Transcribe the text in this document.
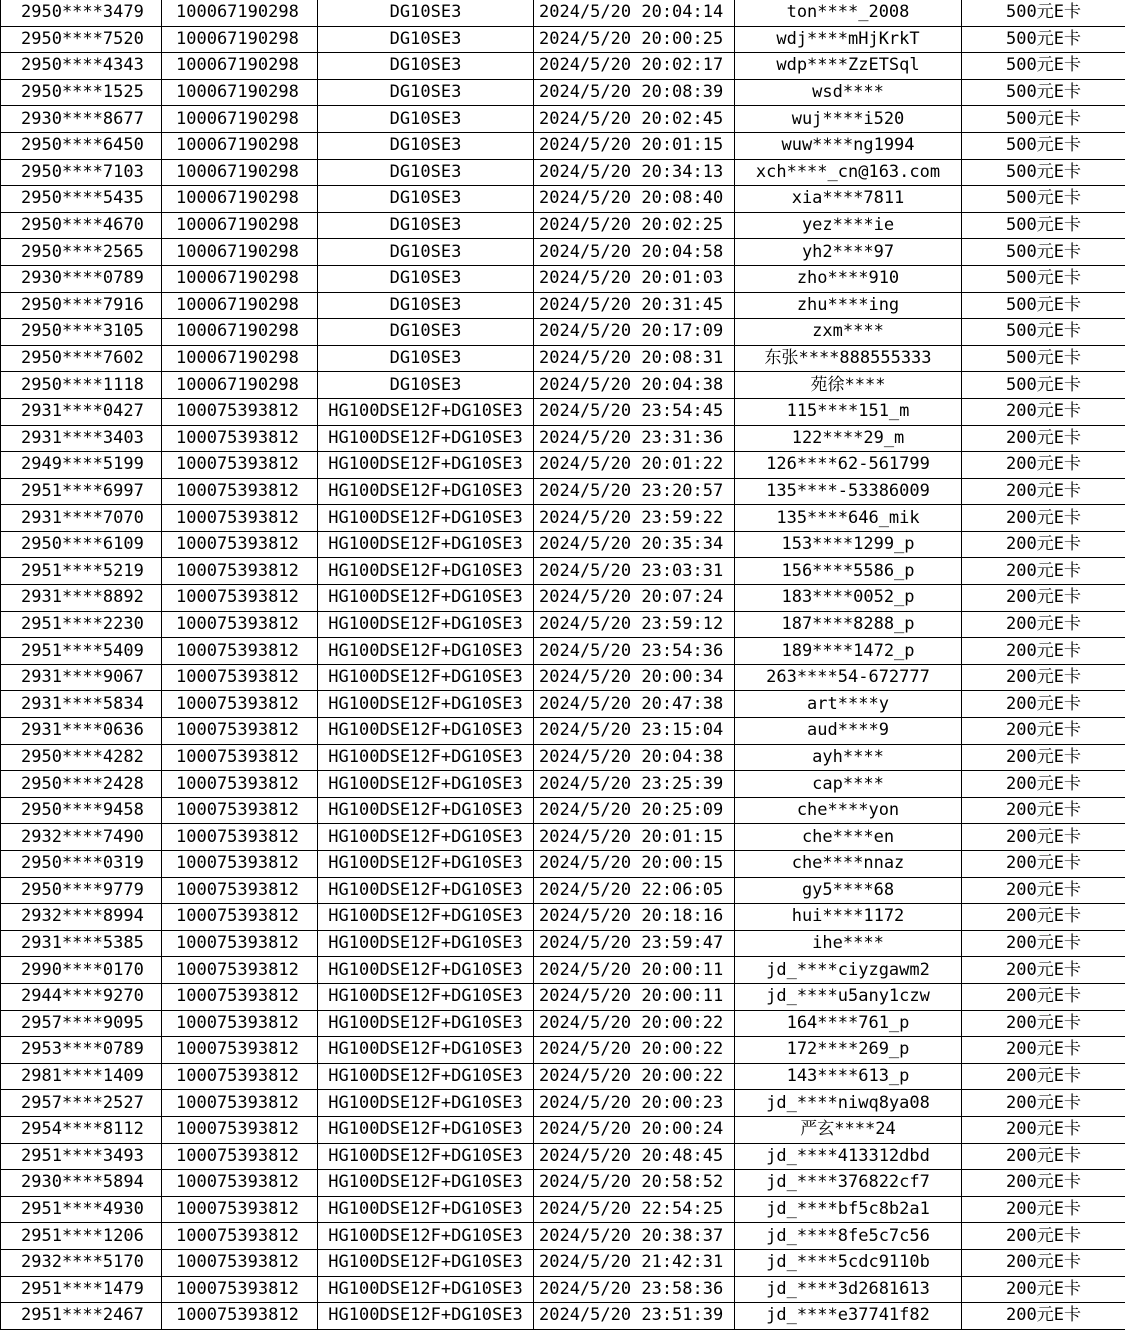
2950****3479	100067190298	DG10SE3	2024/5/20 20:04:14	ton****_2008	500元E卡
2950****7520	100067190298	DG10SE3	2024/5/20 20:00:25	wdj****mHjKrkT	500元E卡
2950****4343	100067190298	DG10SE3	2024/5/20 20:02:17	wdp****ZzETSql	500元E卡
2950****1525	100067190298	DG10SE3	2024/5/20 20:08:39	wsd****	500元E卡
2930****8677	100067190298	DG10SE3	2024/5/20 20:02:45	wuj****i520	500元E卡
2950****6450	100067190298	DG10SE3	2024/5/20 20:01:15	wuw****ng1994	500元E卡
2950****7103	100067190298	DG10SE3	2024/5/20 20:34:13	xch****_cn@163.com	500元E卡
2950****5435	100067190298	DG10SE3	2024/5/20 20:08:40	xia****7811	500元E卡
2950****4670	100067190298	DG10SE3	2024/5/20 20:02:25	yez****ie	500元E卡
2950****2565	100067190298	DG10SE3	2024/5/20 20:04:58	yh2****97	500元E卡
2930****0789	100067190298	DG10SE3	2024/5/20 20:01:03	zho****910	500元E卡
2950****7916	100067190298	DG10SE3	2024/5/20 20:31:45	zhu****ing	500元E卡
2950****3105	100067190298	DG10SE3	2024/5/20 20:17:09	zxm****	500元E卡
2950****7602	100067190298	DG10SE3	2024/5/20 20:08:31	东张****888555333	500元E卡
2950****1118	100067190298	DG10SE3	2024/5/20 20:04:38	苑徐****	500元E卡
2931****0427	100075393812	HG100DSE12F+DG10SE3	2024/5/20 23:54:45	115****151_m	200元E卡
2931****3403	100075393812	HG100DSE12F+DG10SE3	2024/5/20 23:31:36	122****29_m	200元E卡
2949****5199	100075393812	HG100DSE12F+DG10SE3	2024/5/20 20:01:22	126****62-561799	200元E卡
2951****6997	100075393812	HG100DSE12F+DG10SE3	2024/5/20 23:20:57	135****-53386009	200元E卡
2931****7070	100075393812	HG100DSE12F+DG10SE3	2024/5/20 23:59:22	135****646_mik	200元E卡
2950****6109	100075393812	HG100DSE12F+DG10SE3	2024/5/20 20:35:34	153****1299_p	200元E卡
2951****5219	100075393812	HG100DSE12F+DG10SE3	2024/5/20 23:03:31	156****5586_p	200元E卡
2931****8892	100075393812	HG100DSE12F+DG10SE3	2024/5/20 20:07:24	183****0052_p	200元E卡
2951****2230	100075393812	HG100DSE12F+DG10SE3	2024/5/20 23:59:12	187****8288_p	200元E卡
2951****5409	100075393812	HG100DSE12F+DG10SE3	2024/5/20 23:54:36	189****1472_p	200元E卡
2931****9067	100075393812	HG100DSE12F+DG10SE3	2024/5/20 20:00:34	263****54-672777	200元E卡
2931****5834	100075393812	HG100DSE12F+DG10SE3	2024/5/20 20:47:38	art****y	200元E卡
2931****0636	100075393812	HG100DSE12F+DG10SE3	2024/5/20 23:15:04	aud****9	200元E卡
2950****4282	100075393812	HG100DSE12F+DG10SE3	2024/5/20 20:04:38	ayh****	200元E卡
2950****2428	100075393812	HG100DSE12F+DG10SE3	2024/5/20 23:25:39	cap****	200元E卡
2950****9458	100075393812	HG100DSE12F+DG10SE3	2024/5/20 20:25:09	che****yon	200元E卡
2932****7490	100075393812	HG100DSE12F+DG10SE3	2024/5/20 20:01:15	che****en	200元E卡
2950****0319	100075393812	HG100DSE12F+DG10SE3	2024/5/20 20:00:15	che****nnaz	200元E卡
2950****9779	100075393812	HG100DSE12F+DG10SE3	2024/5/20 22:06:05	gy5****68	200元E卡
2932****8994	100075393812	HG100DSE12F+DG10SE3	2024/5/20 20:18:16	hui****1172	200元E卡
2931****5385	100075393812	HG100DSE12F+DG10SE3	2024/5/20 23:59:47	ihe****	200元E卡
2990****0170	100075393812	HG100DSE12F+DG10SE3	2024/5/20 20:00:11	jd_****ciyzgawm2	200元E卡
2944****9270	100075393812	HG100DSE12F+DG10SE3	2024/5/20 20:00:11	jd_****u5any1czw	200元E卡
2957****9095	100075393812	HG100DSE12F+DG10SE3	2024/5/20 20:00:22	164****761_p	200元E卡
2953****0789	100075393812	HG100DSE12F+DG10SE3	2024/5/20 20:00:22	172****269_p	200元E卡
2981****1409	100075393812	HG100DSE12F+DG10SE3	2024/5/20 20:00:22	143****613_p	200元E卡
2957****2527	100075393812	HG100DSE12F+DG10SE3	2024/5/20 20:00:23	jd_****niwq8ya08	200元E卡
2954****8112	100075393812	HG100DSE12F+DG10SE3	2024/5/20 20:00:24	严玄****24	200元E卡
2951****3493	100075393812	HG100DSE12F+DG10SE3	2024/5/20 20:48:45	jd_****413312dbd	200元E卡
2930****5894	100075393812	HG100DSE12F+DG10SE3	2024/5/20 20:58:52	jd_****376822cf7	200元E卡
2951****4930	100075393812	HG100DSE12F+DG10SE3	2024/5/20 22:54:25	jd_****bf5c8b2a1	200元E卡
2951****1206	100075393812	HG100DSE12F+DG10SE3	2024/5/20 20:38:37	jd_****8fe5c7c56	200元E卡
2932****5170	100075393812	HG100DSE12F+DG10SE3	2024/5/20 21:42:31	jd_****5cdc9110b	200元E卡
2951****1479	100075393812	HG100DSE12F+DG10SE3	2024/5/20 23:58:36	jd_****3d2681613	200元E卡
2951****2467	100075393812	HG100DSE12F+DG10SE3	2024/5/20 23:51:39	jd_****e37741f82	200元E卡
